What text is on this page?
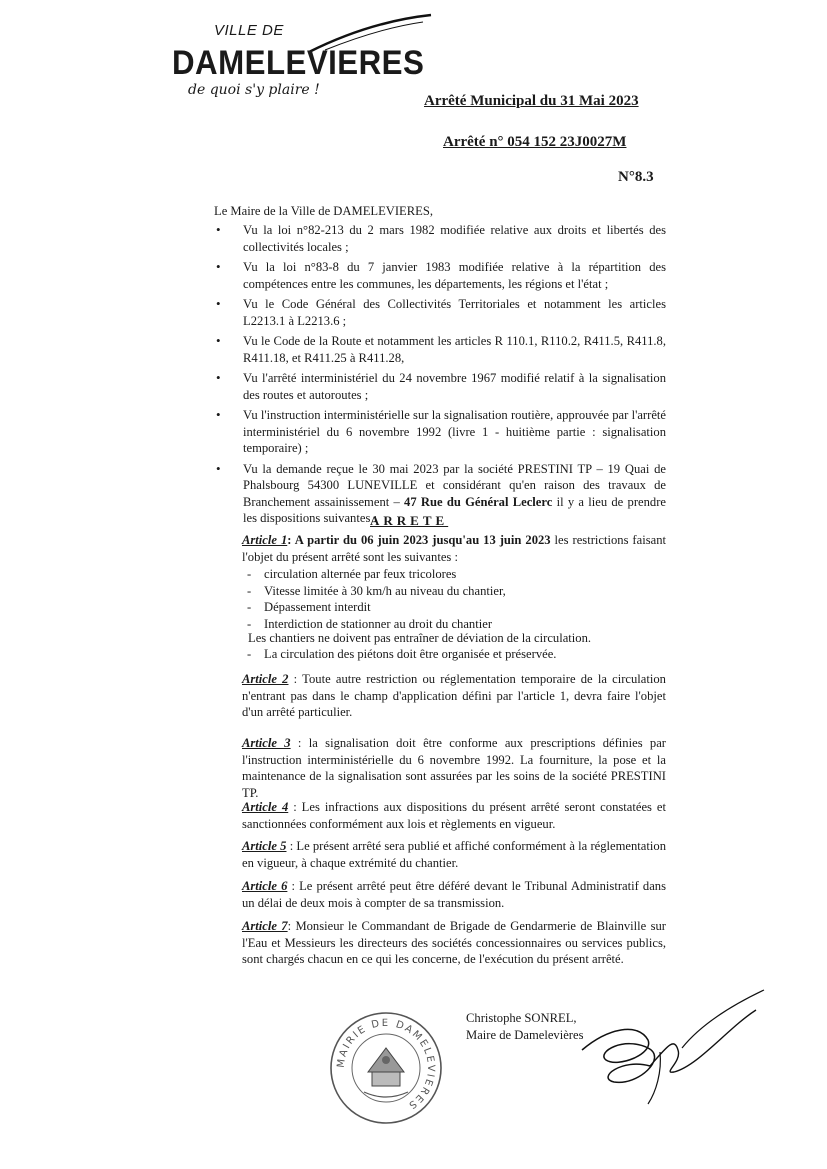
VILLE DE
DAMELEVIERES
de quoi s'y plaire !
Arrêté Municipal du 31 Mai 2023
Arrêté n° 054 152 23J0027M
N°8.3
Le Maire de la Ville de DAMELEVIERES,
• Vu la loi n°82-213 du 2 mars 1982 modifiée relative aux droits et libertés des collectivités locales ;
• Vu la loi n°83-8 du 7 janvier 1983 modifiée relative à la répartition des compétences entre les communes, les départements, les régions et l'état ;
• Vu le Code Général des Collectivités Territoriales et notamment les articles L2213.1 à L2213.6 ;
• Vu le Code de la Route et notamment les articles R 110.1, R110.2, R411.5, R411.8, R411.18, et R411.25 à R411.28,
• Vu l'arrêté interministériel du 24 novembre 1967 modifié relatif à la signalisation des routes et autoroutes ;
• Vu l'instruction interministérielle sur la signalisation routière, approuvée par l'arrêté interministériel du 6 novembre 1992 (livre 1 - huitième partie : signalisation temporaire) ;
• Vu la demande reçue le 30 mai 2023 par la société PRESTINI TP – 19 Quai de Phalsbourg 54300 LUNEVILLE et considérant qu'en raison des travaux de Branchement assainissement – 47 Rue du Général Leclerc il y a lieu de prendre les dispositions suivantes :
ARRETE
Article 1: A partir du 06 juin 2023 jusqu'au 13 juin 2023 les restrictions faisant l'objet du présent arrêté sont les suivantes :
- circulation alternée par feux tricolores
- Vitesse limitée à 30 km/h au niveau du chantier,
- Dépassement interdit
- Interdiction de stationner au droit du chantier
Les chantiers ne doivent pas entraîner de déviation de la circulation.
- La circulation des piétons doit être organisée et préservée.
Article 2 : Toute autre restriction ou réglementation temporaire de la circulation n'entrant pas dans le champ d'application défini par l'article 1, devra faire l'objet d'un arrêté particulier.
Article 3 : la signalisation doit être conforme aux prescriptions définies par l'instruction interministérielle du 6 novembre 1992. La fourniture, la pose et la maintenance de la signalisation sont assurées par les soins de la société PRESTINI TP.
Article 4 : Les infractions aux dispositions du présent arrêté seront constatées et sanctionnées conformément aux lois et règlements en vigueur.
Article 5 : Le présent arrêté sera publié et affiché conformément à la réglementation en vigueur, à chaque extrémité du chantier.
Article 6 : Le présent arrêté peut être déféré devant le Tribunal Administratif dans un délai de deux mois à compter de sa transmission.
Article 7: Monsieur le Commandant de Brigade de Gendarmerie de Blainville sur l'Eau et Messieurs les directeurs des sociétés concessionnaires ou services publics, sont chargés chacun en ce qui les concerne, de l'exécution du présent arrêté.
Christophe SONREL,
Maire de Damelevières
MAIRIE DE DAMELEVIERES
